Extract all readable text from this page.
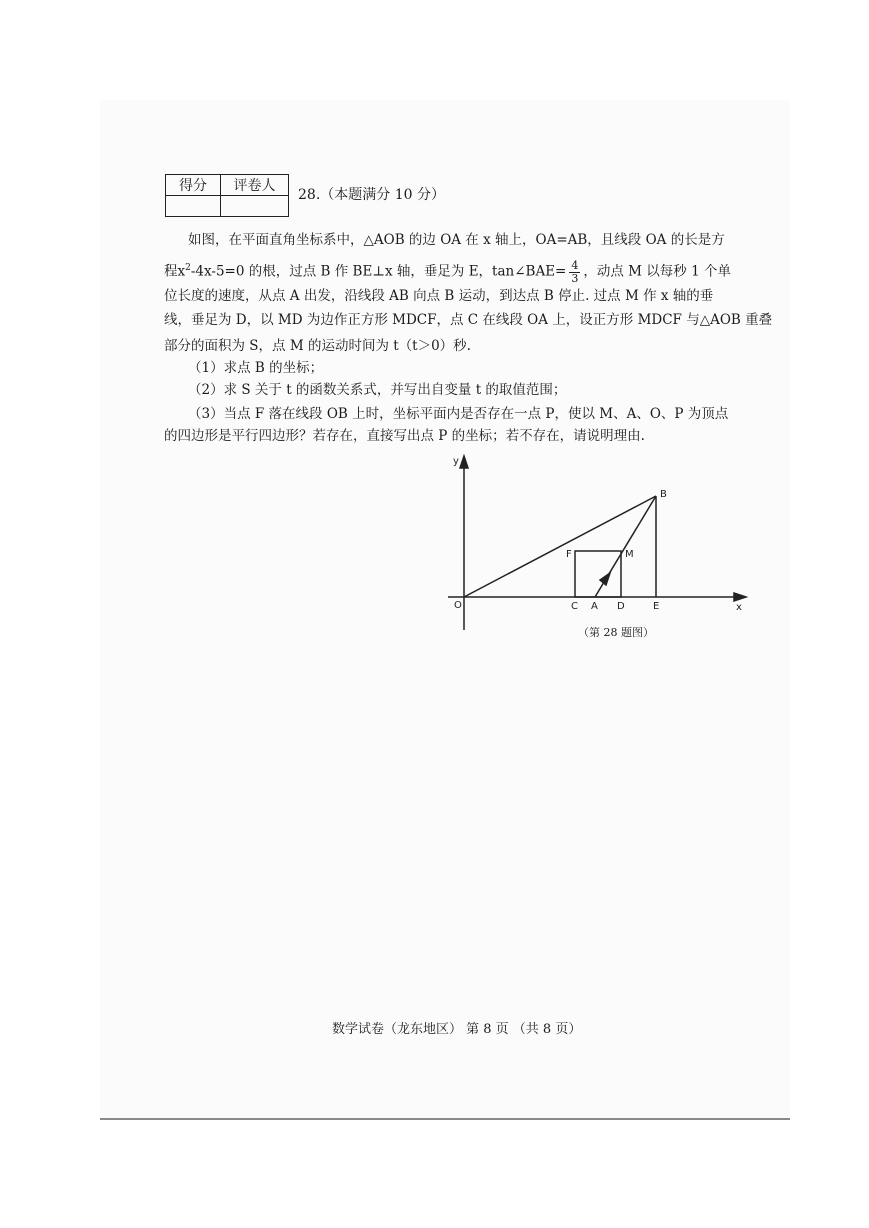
得分	评卷人

28.（本题满分 10 分）
如图，在平面直角坐标系中，△AOB 的边 OA 在 x 轴上，OA=AB，且线段 OA 的长是方
程$x^2-4x-5=0$ 的根，过点 B 作 BE⊥x 轴，垂足为 E，tan∠BAE= $\frac{4}{3}$ ，动点 M 以每秒 1 个单
位长度的速度，从点 A 出发，沿线段 AB 向点 B 运动，到达点 B 停止. 过点 M 作 x 轴的垂
线，垂足为 D，以 MD 为边作正方形 MDCF，点 C 在线段 OA 上，设正方形 MDCF 与△AOB 重叠
部分的面积为 S，点 M 的运动时间为 t（t＞0）秒.
（1）求点 B 的坐标；
（2）求 S 关于 t 的函数关系式，并写出自变量 t 的取值范围；
（3）当点 F 落在线段 OB 上时，坐标平面内是否存在一点 P，使以 M、A、O、P 为顶点
的四边形是平行四边形？若存在，直接写出点 P 的坐标；若不存在，请说明理由.
y
x
O
B
F	M
C A D	E
（第 28 题图）
数学试卷（龙东地区） 第 8 页 （共 8 页）
